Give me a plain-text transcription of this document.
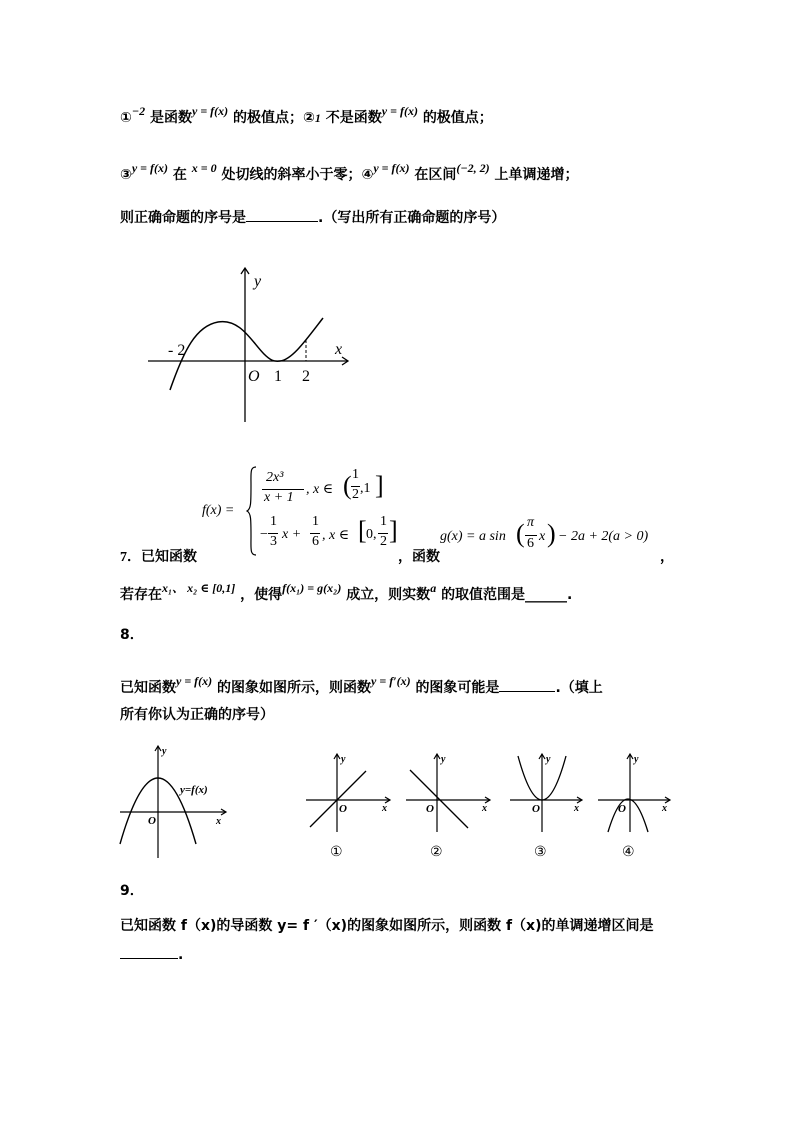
①−2 是函数y = f(x) 的极值点；②1 不是函数y = f(x) 的极值点；
③y = f(x) 在 x = 0 处切线的斜率小于零；④y = f(x) 在区间(−2, 2) 上单调递增；
则正确命题的序号是	.（写出所有正确命题的序号）
y
x
- 2
O 1 2
7．已知函数
f(x) =
2x³
x + 1
, x ∈ ( 1
2 ,1 ]
−
1
3 x +
1
6 , x ∈ [ 0,
1
2 ]
，函数
g(x) = a sin ( π
6 x ) − 2a + 2(a > 0)
，
若存在x₁、 x₂ ∈ [0,1] ，使得f(x₁) = g(x₂) 成立，则实数a 的取值范围是______.
8．
已知函数y = f(x) 的图象如图所示，则函数y = f′(x) 的图象可能是	.（填上
所有你认为正确的序号）
y
x
O
y=f(x)
y
x
O
①
y
x
O
②
y
x
O
③
y
x
O
④
9．
已知函数 f（x)的导函数 y= f ′（x)的图象如图所示，则函数 f（x)的单调递增区间是
.
